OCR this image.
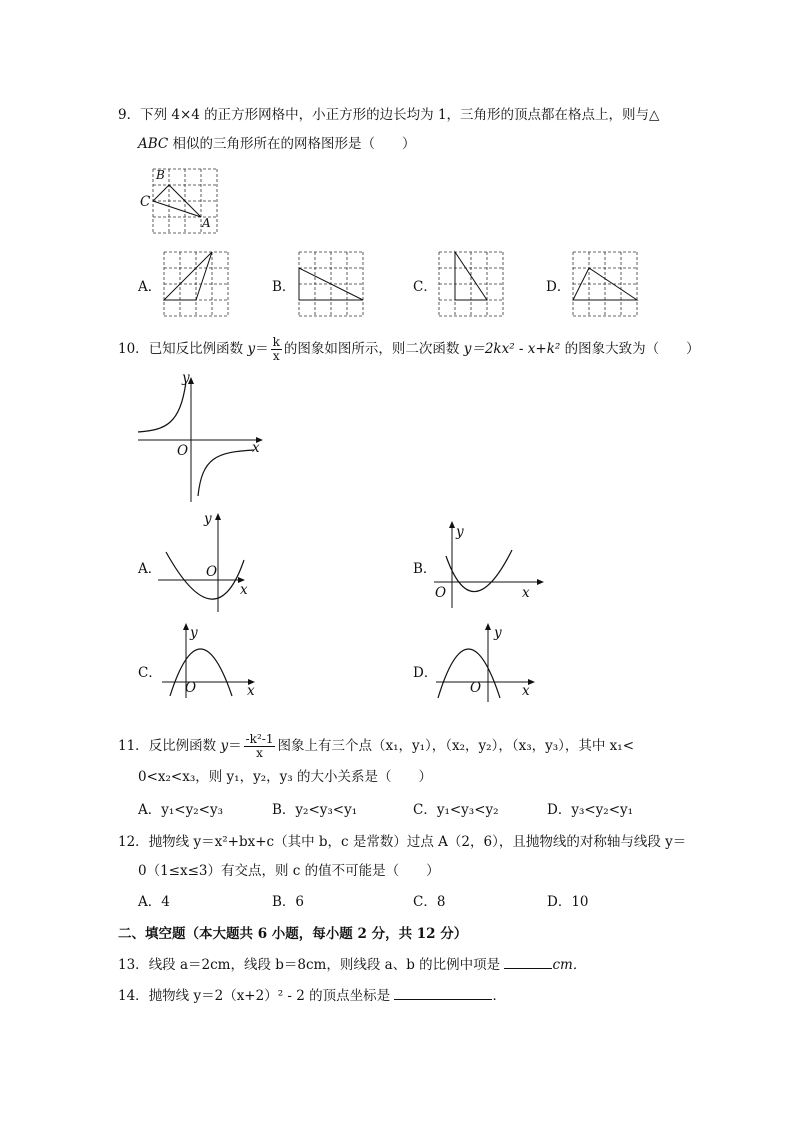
9．下列 4×4 的正方形网格中，小正方形的边长均为 1，三角形的顶点都在格点上，则与△
ABC 相似的三角形所在的网格图形是（　　）
B
C
A
A．	B．	C．	D．
10．已知反比例函数 $y= \frac{k}{x}$ 的图象如图所示，则二次函数 y＝2kx² - x+k² 的图象大致为（　　）
y
x
O
A．
y
x
O	B．
y
x
O
C．
y
x
O
D．
y
x
O
11．反比例函数 $y= \frac{\text{-k²-1}}{x}$ 图象上有三个点（x₁，y₁），（x₂，y₂），（x₃，y₃），其中 x₁<
0<x₂<x₃，则 y₁，y₂，y₃ 的大小关系是（　　）
A．y₁<y₂<y₃	B．y₂<y₃<y₁	C．y₁<y₃<y₂	D．y₃<y₂<y₁
12．抛物线 y＝x²+bx+c（其中 b，c 是常数）过点 A（2，6），且抛物线的对称轴与线段 y＝
0（1≤x≤3）有交点，则 c 的值不可能是（　　）
A．4	B．6	C．8	D．10
二、填空题（本大题共 6 小题，每小题 2 分，共 12 分）
13．线段 a＝2cm，线段 b＝8cm，则线段 a、b 的比例中项是	cm．
14．抛物线 y＝2（x+2）² - 2 的顶点坐标是	．
